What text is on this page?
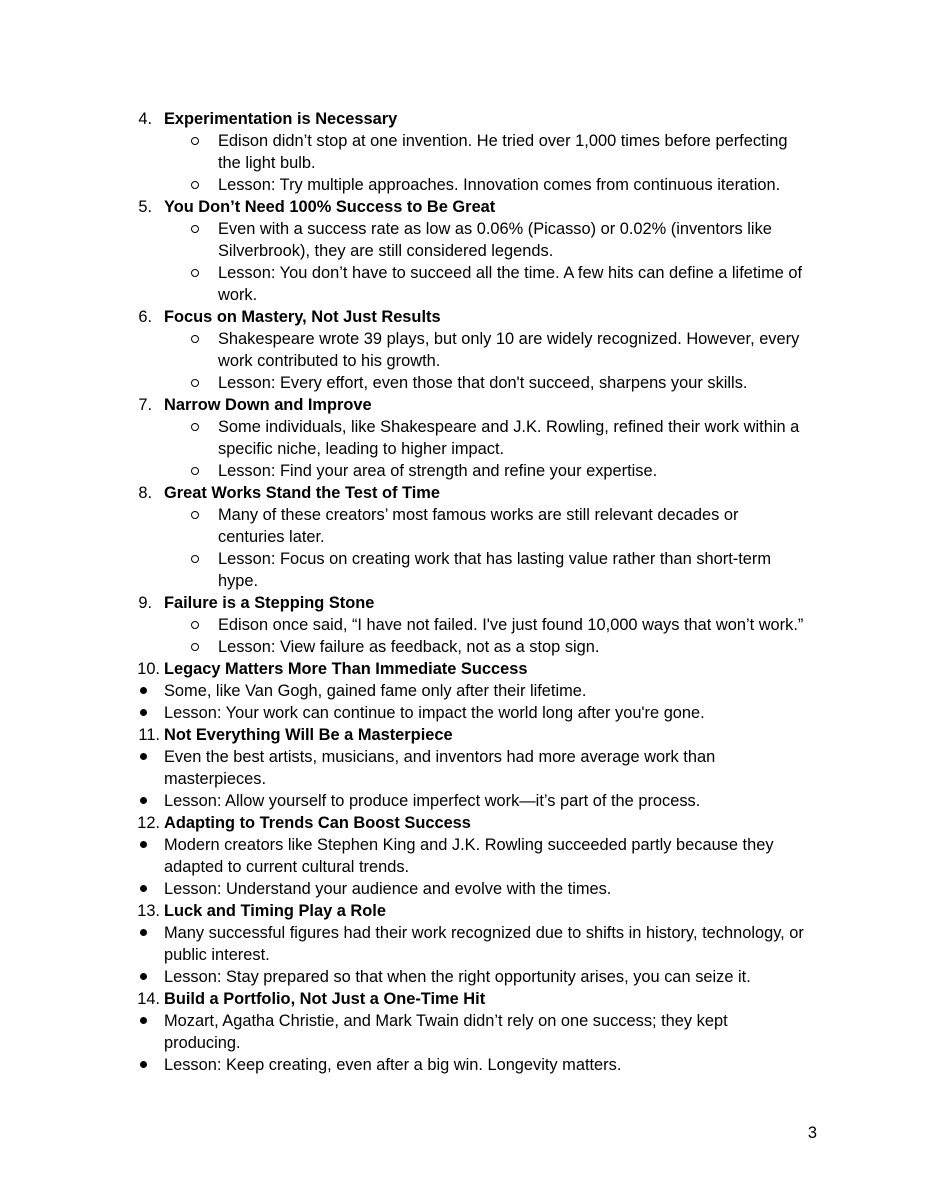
4. Experimentation is Necessary
Edison didn’t stop at one invention. He tried over 1,000 times before perfecting
the light bulb.
Lesson: Try multiple approaches. Innovation comes from continuous iteration.
5. You Don’t Need 100% Success to Be Great
Even with a success rate as low as 0.06% (Picasso) or 0.02% (inventors like
Silverbrook), they are still considered legends.
Lesson: You don’t have to succeed all the time. A few hits can define a lifetime of
work.
6. Focus on Mastery, Not Just Results
Shakespeare wrote 39 plays, but only 10 are widely recognized. However, every
work contributed to his growth.
Lesson: Every effort, even those that don't succeed, sharpens your skills.
7. Narrow Down and Improve
Some individuals, like Shakespeare and J.K. Rowling, refined their work within a
specific niche, leading to higher impact.
Lesson: Find your area of strength and refine your expertise.
8. Great Works Stand the Test of Time
Many of these creators’ most famous works are still relevant decades or
centuries later.
Lesson: Focus on creating work that has lasting value rather than short-term
hype.
9. Failure is a Stepping Stone
Edison once said, “I have not failed. I've just found 10,000 ways that won’t work.”
Lesson: View failure as feedback, not as a stop sign.
10. Legacy Matters More Than Immediate Success
Some, like Van Gogh, gained fame only after their lifetime.
Lesson: Your work can continue to impact the world long after you're gone.
11. Not Everything Will Be a Masterpiece
Even the best artists, musicians, and inventors had more average work than
masterpieces.
Lesson: Allow yourself to produce imperfect work—it’s part of the process.
12. Adapting to Trends Can Boost Success
Modern creators like Stephen King and J.K. Rowling succeeded partly because they
adapted to current cultural trends.
Lesson: Understand your audience and evolve with the times.
13. Luck and Timing Play a Role
Many successful figures had their work recognized due to shifts in history, technology, or
public interest.
Lesson: Stay prepared so that when the right opportunity arises, you can seize it.
14. Build a Portfolio, Not Just a One-Time Hit
Mozart, Agatha Christie, and Mark Twain didn’t rely on one success; they kept
producing.
Lesson: Keep creating, even after a big win. Longevity matters.
3
